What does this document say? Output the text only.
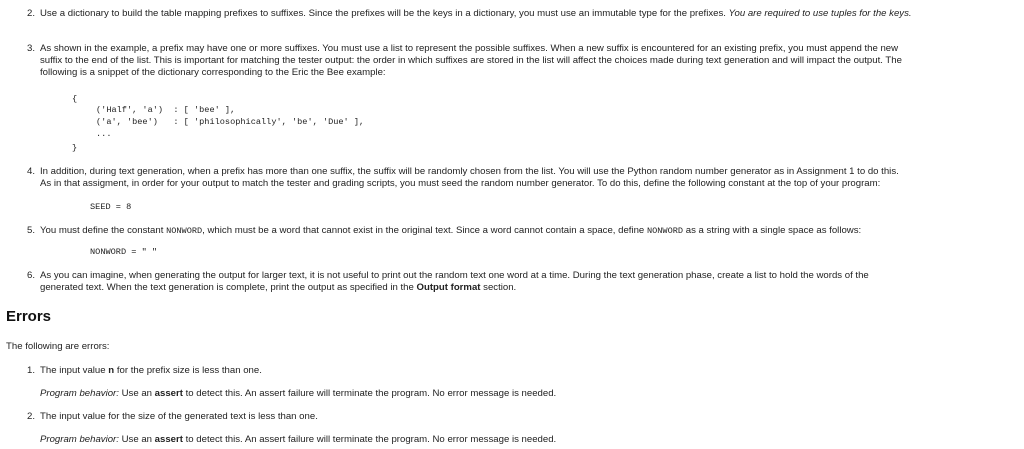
2. Use a dictionary to build the table mapping prefixes to suffixes. Since the prefixes will be the keys in a dictionary, you must use an immutable type for the prefixes. You are required to use tuples for the keys.

3. As shown in the example, a prefix may have one or more suffixes. You must use a list to represent the possible suffixes. When a new suffix is encountered for an existing prefix, you must append the new

suffix to the end of the list. This is important for matching the tester output: the order in which suffixes are stored in the list will affect the choices made during text generation and will impact the output. The

following is a snippet of the dictionary corresponding to the Eric the Bee example:

{
('Half', 'a')  : [ 'bee' ],
('a', 'bee')   : [ 'philosophically', 'be', 'Due' ],
...
}
4. In addition, during text generation, when a prefix has more than one suffix, the suffix will be randomly chosen from the list. You will use the Python random number generator as in Assignment 1 to do this.

As in that assigment, in order for your output to match the tester and grading scripts, you must seed the random number generator. To do this, define the following constant at the top of your program:

SEED = 8
5. You must define the constant NONWORD, which must be a word that cannot exist in the original text. Since a word cannot contain a space, define NONWORD as a string with a single space as follows:

NONWORD = " "
6. As you can imagine, when generating the output for larger text, it is not useful to print out the random text one word at a time. During the text generation phase, create a list to hold the words of the

generated text. When the text generation is complete, print the output as specified in the Output format section.

Errors

The following are errors:

1. The input value n for the prefix size is less than one.

Program behavior: Use an assert to detect this. An assert failure will terminate the program. No error message is needed.

2. The input value for the size of the generated text is less than one.

Program behavior: Use an assert to detect this. An assert failure will terminate the program. No error message is needed.
